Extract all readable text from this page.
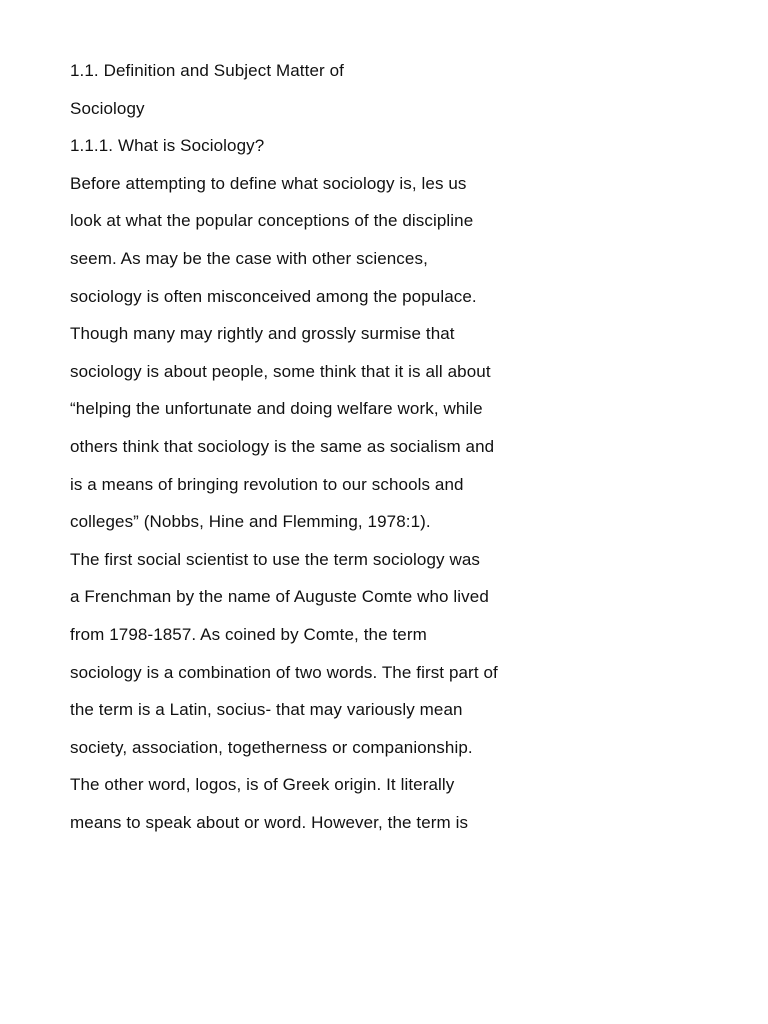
1.1. Definition and Subject Matter of
Sociology
1.1.1. What is Sociology?
Before attempting to define what sociology is, les us
look at what the popular conceptions of the discipline
seem. As may be the case with other sciences,
sociology is often misconceived among the populace.
Though many may rightly and grossly surmise that
sociology is about people, some think that it is all about
“helping the unfortunate and doing welfare work, while
others think that sociology is the same as socialism and
is a means of bringing revolution to our schools and
colleges” (Nobbs, Hine and Flemming, 1978:1).
The first social scientist to use the term sociology was
a Frenchman by the name of Auguste Comte who lived
from 1798-1857. As coined by Comte, the term
sociology is a combination of two words. The first part of
the term is a Latin, socius- that may variously mean
society, association, togetherness or companionship.
The other word, logos, is of Greek origin. It literally
means to speak about or word. However, the term is
